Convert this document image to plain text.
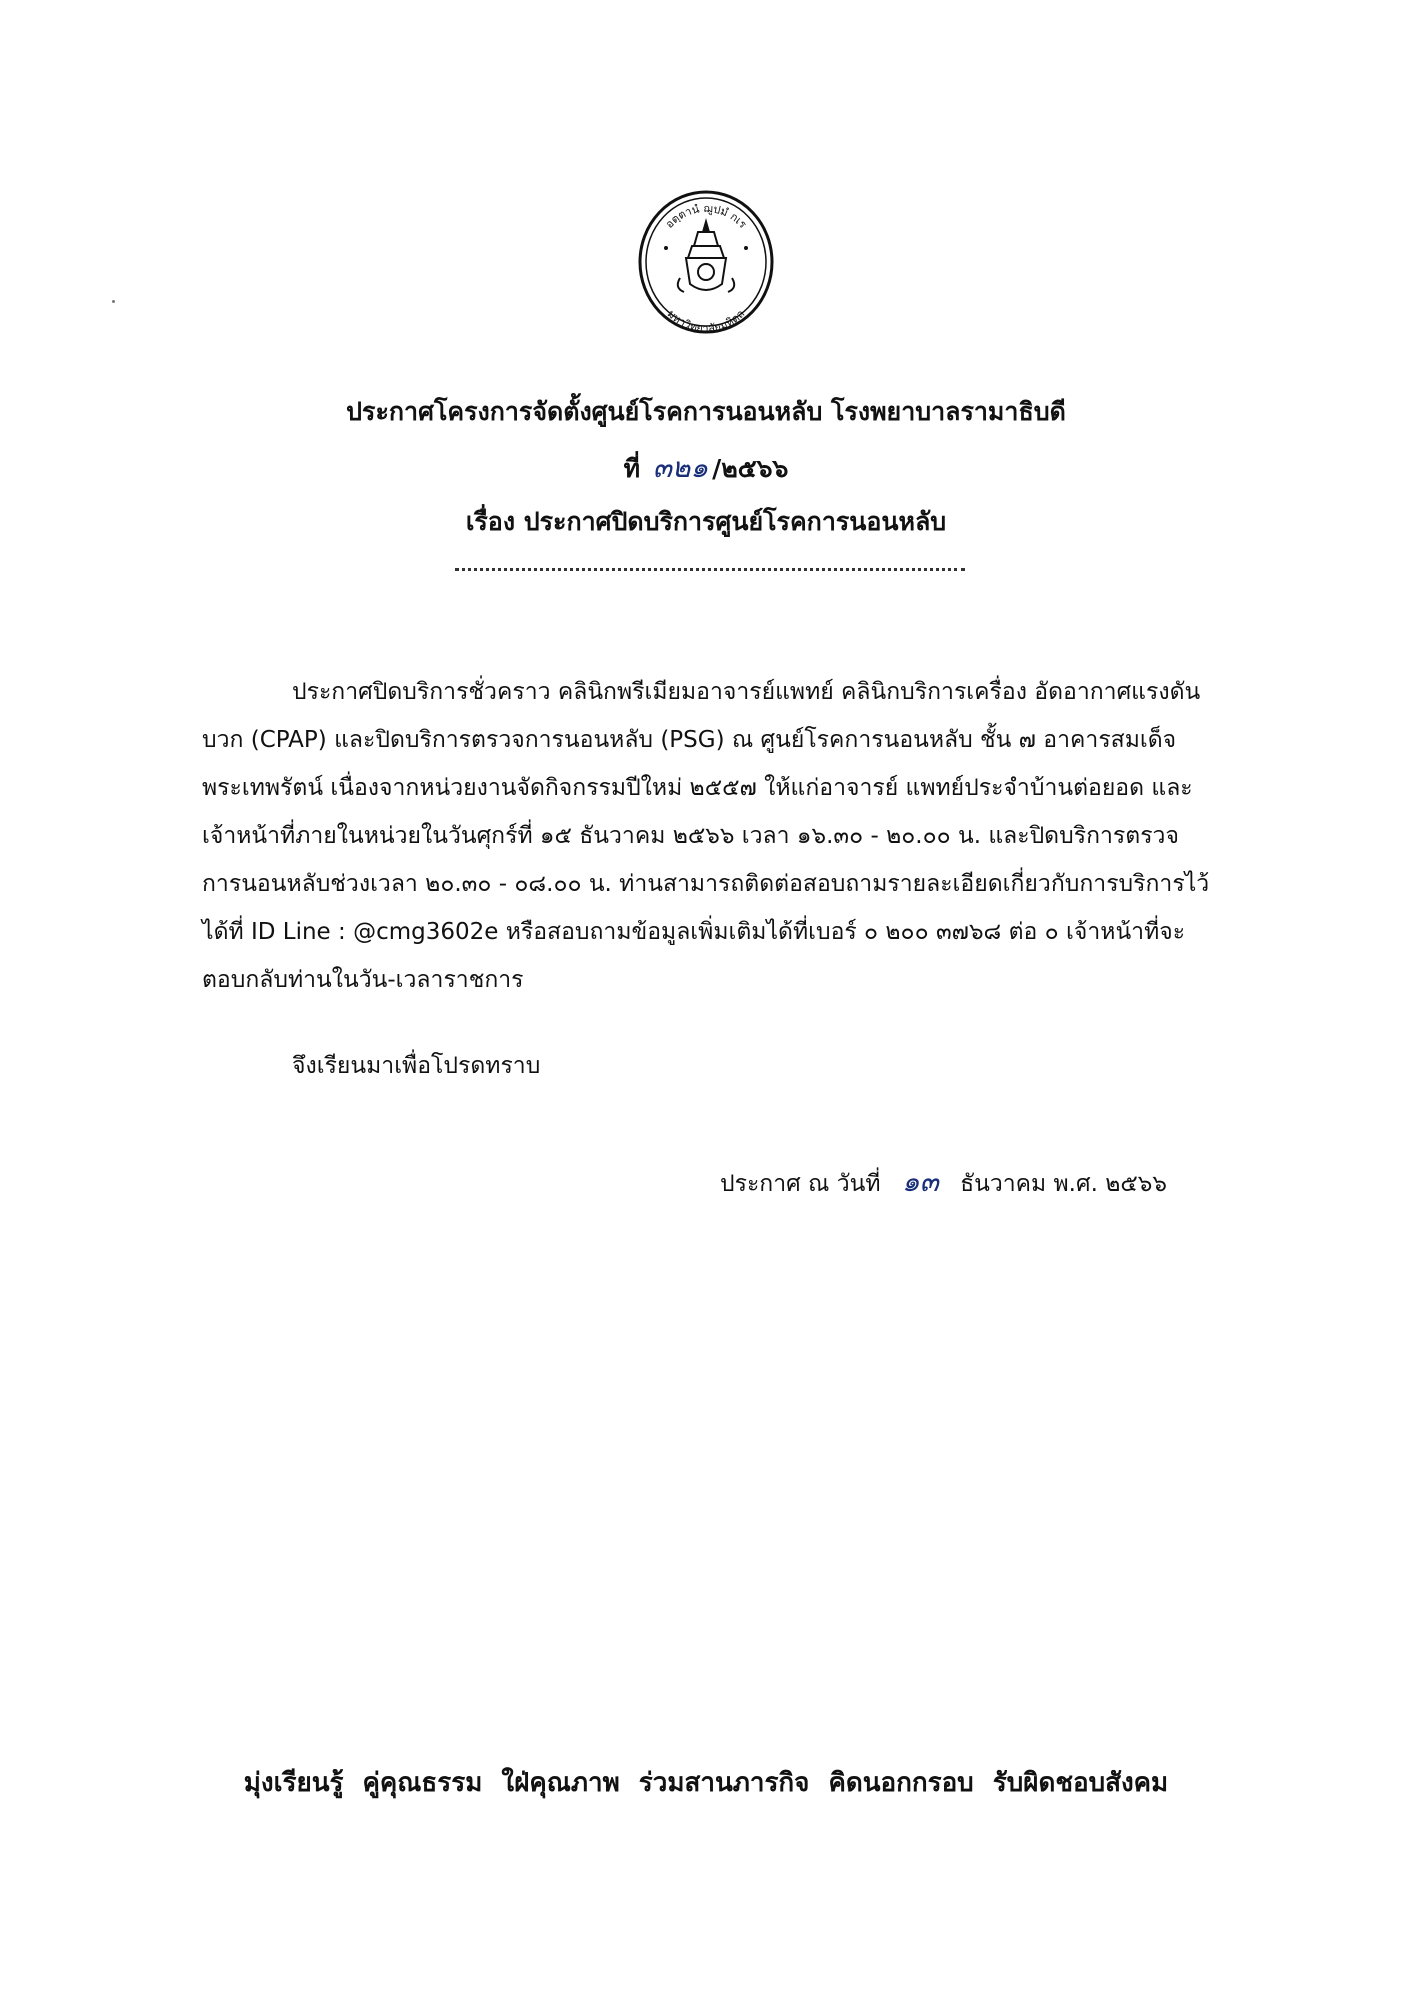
อตฺตานํ ฌูปมํ กเร
มหาวิทยาลัยมหิดล
ประกาศโครงการจัดตั้งศูนย์โรคการนอนหลับ โรงพยาบาลรามาธิบดี
ที่ ๓๒๑ /๒๕๖๖
เรื่อง ประกาศปิดบริการศูนย์โรคการนอนหลับ
ประกาศปิดบริการชั่วคราว คลินิกพรีเมียมอาจารย์แพทย์ คลินิกบริการเครื่อง อัดอากาศแรงดัน
บวก (CPAP) และปิดบริการตรวจการนอนหลับ (PSG) ณ ศูนย์โรคการนอนหลับ ชั้น ๗ อาคารสมเด็จ
พระเทพรัตน์ เนื่องจากหน่วยงานจัดกิจกรรมปีใหม่ ๒๕๕๗ ให้แก่อาจารย์ แพทย์ประจำบ้านต่อยอด และ
เจ้าหน้าที่ภายในหน่วยในวันศุกร์ที่ ๑๕ ธันวาคม ๒๕๖๖ เวลา ๑๖.๓๐ - ๒๐.๐๐ น. และปิดบริการตรวจ
การนอนหลับช่วงเวลา ๒๐.๓๐ - ๐๘.๐๐ น. ท่านสามารถติดต่อสอบถามรายละเอียดเกี่ยวกับการบริการไว้
ได้ที่ ID Line : @cmg3602e หรือสอบถามข้อมูลเพิ่มเติมได้ที่เบอร์ ๐ ๒๐๐ ๓๗๖๘ ต่อ ๐ เจ้าหน้าที่จะ
ตอบกลับท่านในวัน-เวลาราชการ
จึงเรียนมาเพื่อโปรดทราบ
ประกาศ ณ วันที่ ๑๓ ธันวาคม พ.ศ. ๒๕๖๖
มุ่งเรียนรู้ คู่คุณธรรม ใฝ่คุณภาพ ร่วมสานภารกิจ คิดนอกกรอบ รับผิดชอบสังคม
